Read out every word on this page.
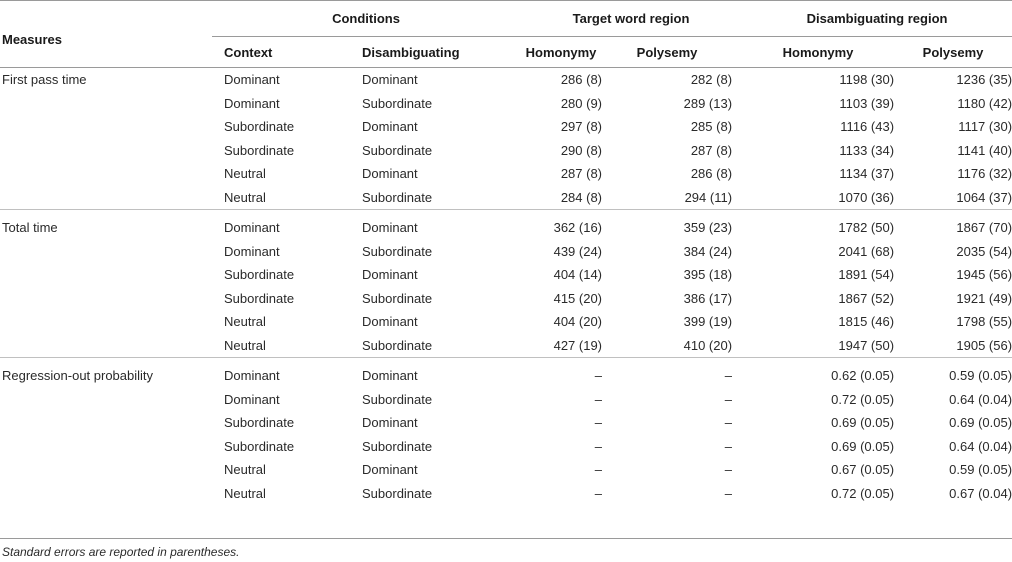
Measures	Conditions		Target word region		Disambiguating region	
	Context	Disambiguating	Homonymy	Polysemy	Homonymy	Polysemy
First pass time	Dominant	Dominant	286 (8)	282 (8)	1198 (30)	1236 (35)
	Dominant	Subordinate	280 (9)	289 (13)	1103 (39)	1180 (42)
	Subordinate	Dominant	297 (8)	285 (8)	1116 (43)	1117 (30)
	Subordinate	Subordinate	290 (8)	287 (8)	1133 (34)	1141 (40)
	Neutral	Dominant	287 (8)	286 (8)	1134 (37)	1176 (32)
	Neutral	Subordinate	284 (8)	294 (11)	1070 (36)	1064 (37)
Total time	Dominant	Dominant	362 (16)	359 (23)	1782 (50)	1867 (70)
	Dominant	Subordinate	439 (24)	384 (24)	2041 (68)	2035 (54)
	Subordinate	Dominant	404 (14)	395 (18)	1891 (54)	1945 (56)
	Subordinate	Subordinate	415 (20)	386 (17)	1867 (52)	1921 (49)
	Neutral	Dominant	404 (20)	399 (19)	1815 (46)	1798 (55)
	Neutral	Subordinate	427 (19)	410 (20)	1947 (50)	1905 (56)
Regression-out probability	Dominant	Dominant	–	–	0.62 (0.05)	0.59 (0.05)
	Dominant	Subordinate	–	–	0.72 (0.05)	0.64 (0.04)
	Subordinate	Dominant	–	–	0.69 (0.05)	0.69 (0.05)
	Subordinate	Subordinate	–	–	0.69 (0.05)	0.64 (0.04)
	Neutral	Dominant	–	–	0.67 (0.05)	0.59 (0.05)
	Neutral	Subordinate	–	–	0.72 (0.05)	0.67 (0.04)
Standard errors are reported in parentheses.
